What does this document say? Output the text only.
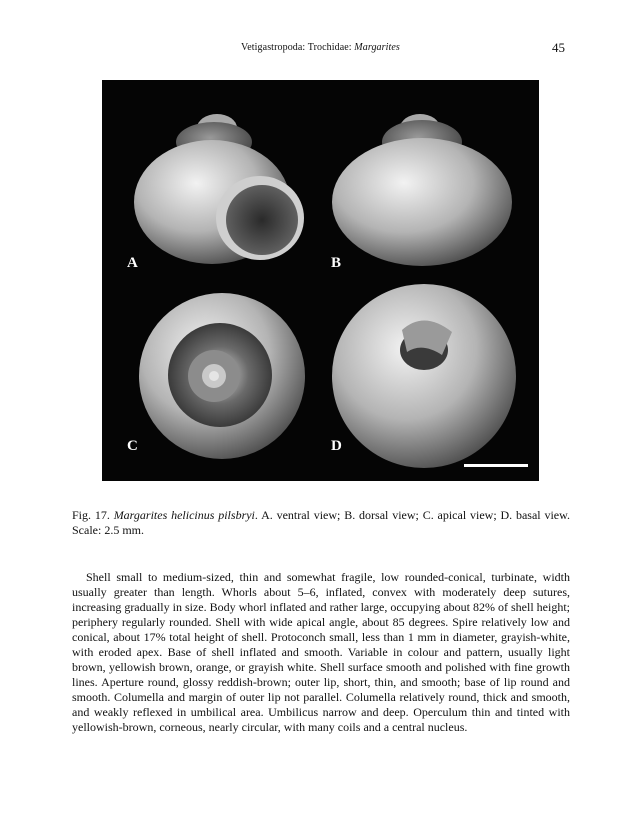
Vetigastropoda: Trochidae: Margarites	45
A	B
C	D
Fig. 17. Margarites helicinus pilsbryi. A. ventral view; B. dorsal view; C. apical view; D. basal view. Scale: 2.5 mm.

Shell small to medium-sized, thin and somewhat fragile, low rounded-conical, turbinate, width usually greater than length. Whorls about 5–6, inflated, convex with moderately deep sutures, increasing gradually in size. Body whorl inflated and rather large, occupying about 82% of shell height; periphery regularly rounded. Shell with wide apical angle, about 85 degrees. Spire relatively low and conical, about 17% total height of shell. Protoconch small, less than 1 mm in diameter, grayish-white, with eroded apex. Base of shell inflated and smooth. Variable in colour and pattern, usually light brown, yellowish brown, orange, or grayish white. Shell surface smooth and polished with fine growth lines. Aperture round, glossy reddish-brown; outer lip, short, thin, and smooth; base of lip round and smooth. Columella and margin of outer lip not parallel. Columella relatively round, thick and smooth, and weakly reflexed in umbilical area. Umbilicus narrow and deep. Operculum thin and tinted with yellowish-brown, corneous, nearly circular, with many coils and a central nucleus.
